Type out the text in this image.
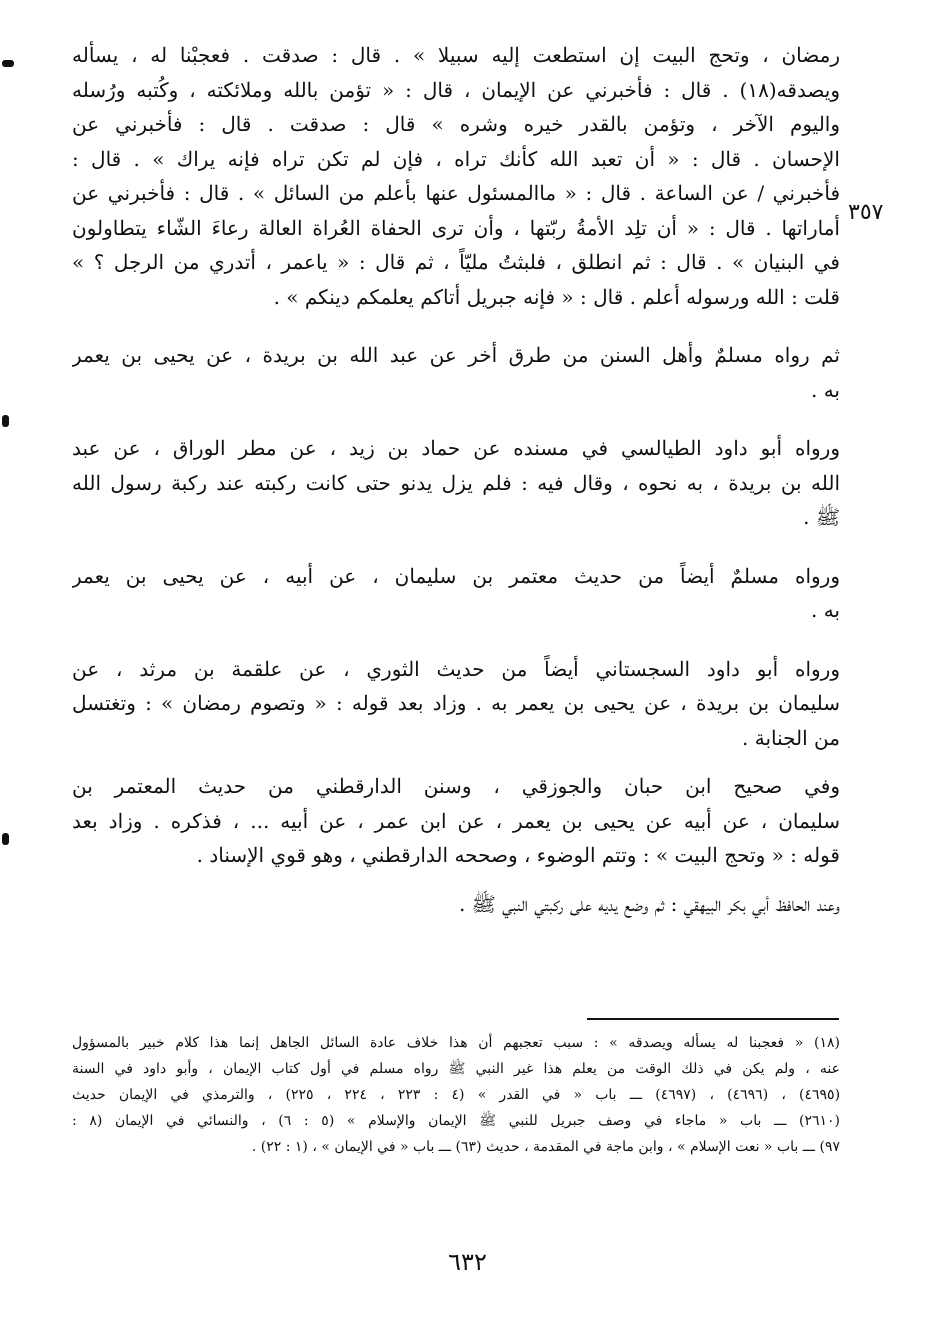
٣٥٧
رمضان ، وتحج البيت إن استطعت إليه سبيلا » . قال : صدقت . فعجبْنا له ، يسأله
ويصدقه(١٨) . قال : فأخبرني عن الإيمان ، قال : « تؤمن بالله وملائكته ، وكُتبه ورُسله
واليوم الآخر ، وتؤمن بالقدر خيره وشره » قال : صدقت . قال : فأخبرني عن
الإحسان . قال : « أن تعبد الله كأنك تراه ، فإن لم تكن تراه فإنه يراك » . قال :
فأخبرني / عن الساعة . قال : « ماالمسئول عنها بأعلم من السائل » . قال : فأخبرني عن
أماراتها . قال : « أن تلِد الأمةُ ربّتها ، وأن ترى الحفاة العُراة العالة رعاءَ الشّاء يتطاولون
في البنيان » . قال : ثم انطلق ، فلبثتُ مليّاً ، ثم قال : « ياعمر ، أتدري من الرجل ؟ »
قلت : الله ورسوله أعلم . قال : « فإنه جبريل أتاكم يعلمكم دينكم » .
ثم رواه مسلمٌ وأهل السنن من طرق أخر عن عبد الله بن بريدة ، عن يحيى بن يعمر
به .
ورواه أبو داود الطيالسي في مسنده عن حماد بن زيد ، عن مطر الوراق ، عن عبد
الله بن بريدة ، به نحوه ، وقال فيه : فلم يزل يدنو حتى كانت ركبته عند ركبة رسول الله
ﷺ .
ورواه مسلمٌ أيضاً من حديث معتمر بن سليمان ، عن أبيه ، عن يحيى بن يعمر
به .
ورواه أبو داود السجستاني أيضاً من حديث الثوري ، عن علقمة بن مرثد ، عن
سليمان بن بريدة ، عن يحيى بن يعمر به . وزاد بعد قوله : « وتصوم رمضان » : وتغتسل
من الجنابة .
وفي صحيح ابن حبان والجوزقي ، وسنن الدارقطني من حديث المعتمر بن
سليمان ، عن أبيه عن يحيى بن يعمر ، عن ابن عمر ، عن أبيه ... ، فذكره . وزاد بعد
قوله : « وتحج البيت » : وتتم الوضوء ، وصححه الدارقطني ، وهو قوي الإسناد .
وعند الحافظ أبي بكر البيهقي : ثم وضع يديه على ركبتي النبي ﷺ .
(١٨) « فعجبنا له يسأله ويصدقه » : سبب تعجبهم أن هذا خلاف عادة السائل الجاهل إنما هذا كلام خبير بالمسؤول
عنه ، ولم يكن في ذلك الوقت من يعلم هذا غير النبي ﷺ رواه مسلم في أول كتاب الإيمان ، وأبو داود في السنة
(٤٦٩٥) ، (٤٦٩٦) ، (٤٦٩٧) ـــ باب « في القدر » (٤ : ٢٢٣ ، ٢٢٤ ، ٢٢٥) ، والترمذي في الإيمان حديث
(٢٦١٠) ـــ باب « ماجاء في وصف جبريل للنبي ﷺ الإيمان والإسلام » (٥ : ٦) ، والنسائي في الإيمان (٨ :
٩٧) ـــ باب « نعت الإسلام » ، وابن ماجة في المقدمة ، حديث (٦٣) ـــ باب « في الإيمان » ، (١ : ٢٢) .
٦٣٢
